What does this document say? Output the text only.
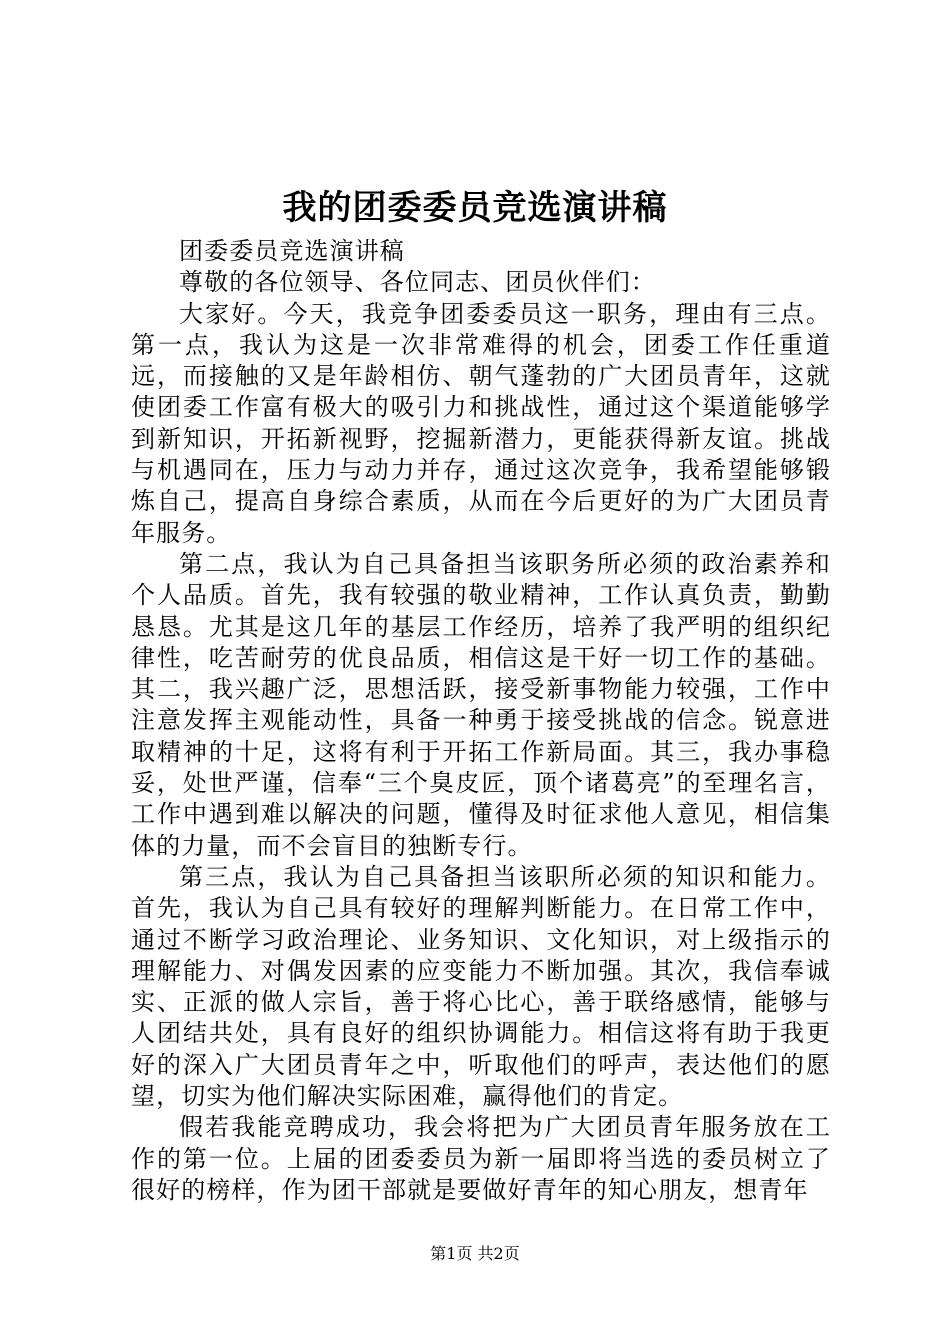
我的团委委员竞选演讲稿

团委委员竞选演讲稿

尊敬的各位领导、各位同志、团员伙伴们：

大家好。今天，我竞争团委委员这一职务，理由有三点。第一点，我认为这是一次非常难得的机会，团委工作任重道远，而接触的又是年龄相仿、朝气蓬勃的广大团员青年，这就使团委工作富有极大的吸引力和挑战性，通过这个渠道能够学到新知识，开拓新视野，挖掘新潜力，更能获得新友谊。挑战与机遇同在，压力与动力并存，通过这次竞争，我希望能够锻炼自己，提高自身综合素质，从而在今后更好的为广大团员青年服务。

第二点，我认为自己具备担当该职务所必须的政治素养和个人品质。首先，我有较强的敬业精神，工作认真负责，勤勤恳恳。尤其是这几年的基层工作经历，培养了我严明的组织纪律性，吃苦耐劳的优良品质，相信这是干好一切工作的基础。其二，我兴趣广泛，思想活跃，接受新事物能力较强，工作中注意发挥主观能动性，具备一种勇于接受挑战的信念。锐意进取精神的十足，这将有利于开拓工作新局面。其三，我办事稳妥，处世严谨，信奉“三个臭皮匠，顶个诸葛亮”的至理名言，工作中遇到难以解决的问题，懂得及时征求他人意见，相信集体的力量，而不会盲目的独断专行。

第三点，我认为自己具备担当该职所必须的知识和能力。首先，我认为自己具有较好的理解判断能力。在日常工作中，通过不断学习政治理论、业务知识、文化知识，对上级指示的理解能力、对偶发因素的应变能力不断加强。其次，我信奉诚实、正派的做人宗旨，善于将心比心，善于联络感情，能够与人团结共处，具有良好的组织协调能力。相信这将有助于我更好的深入广大团员青年之中，听取他们的呼声，表达他们的愿望，切实为他们解决实际困难，赢得他们的肯定。

假若我能竞聘成功，我会将把为广大团员青年服务放在工作的第一位。上届的团委委员为新一届即将当选的委员树立了很好的榜样，作为团干部就是要做好青年的知心朋友，想青年

第1页 共2页
